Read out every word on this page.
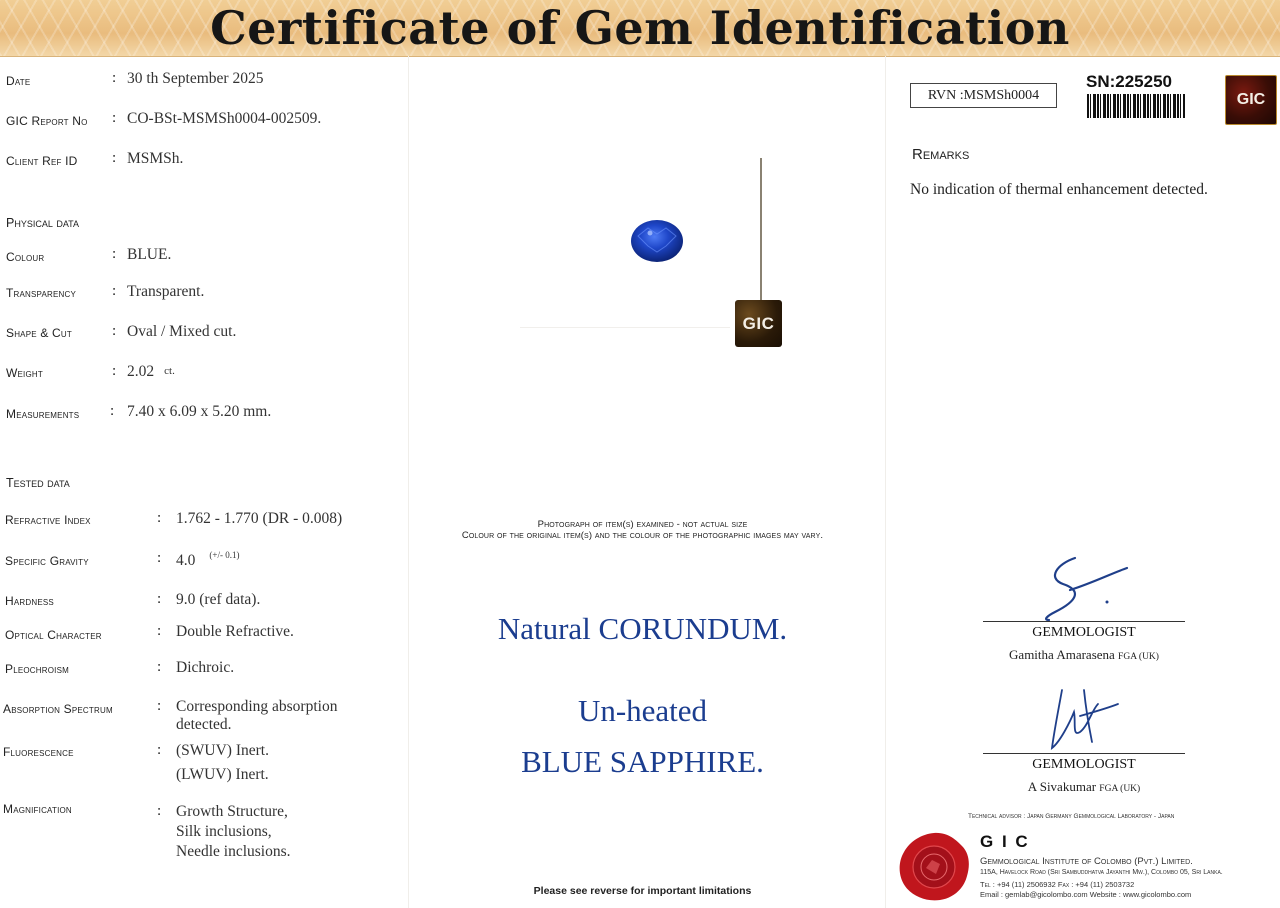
Certificate of Gem Identification
Date	: 30 th September 2025
GIC Report No : CO-BSt-MSMSh0004-002509.
Client Ref ID : MSMSh.
Physical data
Colour	: BLUE.
Transparency : Transparent.
Shape & Cut	: Oval / Mixed cut.
Weight	: 2.02 ct.
Measurements : 7.40 x 6.09 x 5.20 mm.
Tested data
Refractive Index	: 1.762 - 1.770 (DR - 0.008)
Specific Gravity	: 4.0 $^{(+/- 0.1)}$
Hardness	: 9.0 (ref data).
Optical Character	: Double Refractive.
Pleochroism	: Dichroic.
Absorption Spectrum	: Corresponding absorption
detected.
Fluorescence	: (SWUV) Inert.
(LWUV) Inert.
Magnification	: Growth Structure,
Silk inclusions,
Needle inclusions.
GIC
Photograph of item(s) examined - not actual size
Colour of the original item(s) and the colour of the photographic images may vary.
Natural CORUNDUM.
Un-heated
BLUE SAPPHIRE.
Please see reverse for important limitations
RVN :MSMSh0004
SN:225250
GIC
Remarks
No indication of thermal enhancement detected.
GEMMOLOGIST
Gamitha Amarasena FGA (UK)
GEMMOLOGIST
A Sivakumar FGA (UK)
Technical advisor : Japan Germany Gemmological Laboratory - Japan
G I C
Gemmological Institute of Colombo (Pvt.) Limited.
115A, Havelock Road (Sri Sambuddhatva Jayanthi Mw.), Colombo 05, Sri Lanka.
Tel : +94 (11) 2506932 Fax : +94 (11) 2503732
Email : gemlab@gicolombo.com Website : www.gicolombo.com
